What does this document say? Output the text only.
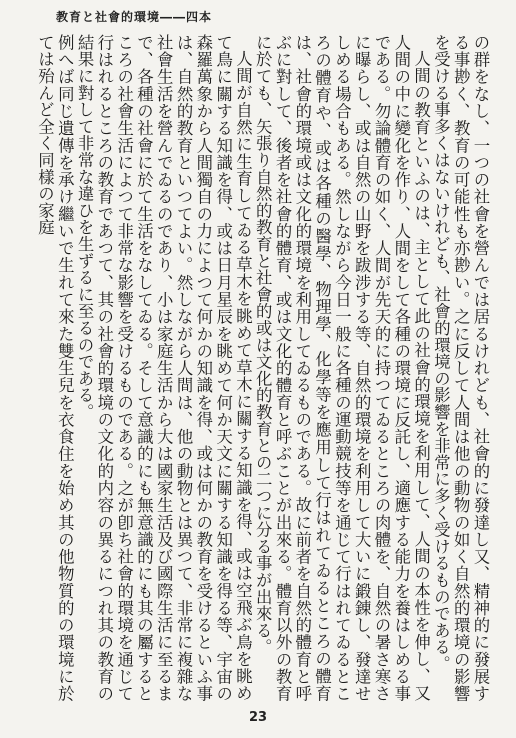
教育と社會的環境――四本

の群をなし、一つの社會を營んでは居るけれども、社會的に發達し又、精神的に發展する事尠く、教育の可能性も亦尠い。之に反して人間は他の動物の如く自然的環境の影響を受ける事多くはないけれども、社會的環境の影響を非常に多く受けるものである。

人間の教育といふのは、主として此の社會的環境を利用して、人間の本性を伸し、又人間の中に變化を作り、人間をして各種の環境に反託し、適應する能力を養はしめる事である。勿論體育の如く、人間が先天的に持つてゐるところの肉體を、自然の暑さ寒さに曝らし、或は自然の山野を跋涉する等、自然的環境を利用して大いに鍛錬し、發達せしめる場合もある。然しながら今日一般に各種の運動競技等を通じて行はれてゐるところの體育や、或は各種の醫學、物理學、化學等を應用して行はれてゐるところの體育は、社會的環境或は文化的環境を利用してゐるものである。故に前者を自然的體育と呼ぶに對して、後者を社會的體育、或は文化的體育と呼ぶことが出來る。體育以外の教育に於ても、矢張り自然的教育と社會的或は文化的教育との二つに分る事が出來る。

人間が自然に生育してゐる草木を眺めて草木に關する知識を得、或は空飛ぶ鳥を眺めて鳥に關する知識を得、或は日月星辰を眺めて何か天文に關する知識を得る等、宇宙の森羅萬象から人間獨自の力によつて何かの知識を得、或は何かの教育を受けるといふ事は、自然的教育といつてよい。然しながら人間は、他の動物とは異つて、非常に複雜な社會生活を營んでゐるのであり、小は家庭生活から大は國家生活及び國際生活に至るまで、各種の社會に於て生活をなしてゐる。そして意識的にも無意識的にも其の屬するところの社會生活によつて非常な影響を受けるものである。之が卽ち社會的環境を通じて行はれるところの教育であつて、其の社會的環境の文化的内容の異るにつれ其の教育の結果に對して非常な違ひを生ずるに至るのである。

例へば同じ遺傳を承け繼いで生れて來た雙生兒を衣食住を始め其の他物質的の環境に於ては殆んど全く同樣の家庭

23
